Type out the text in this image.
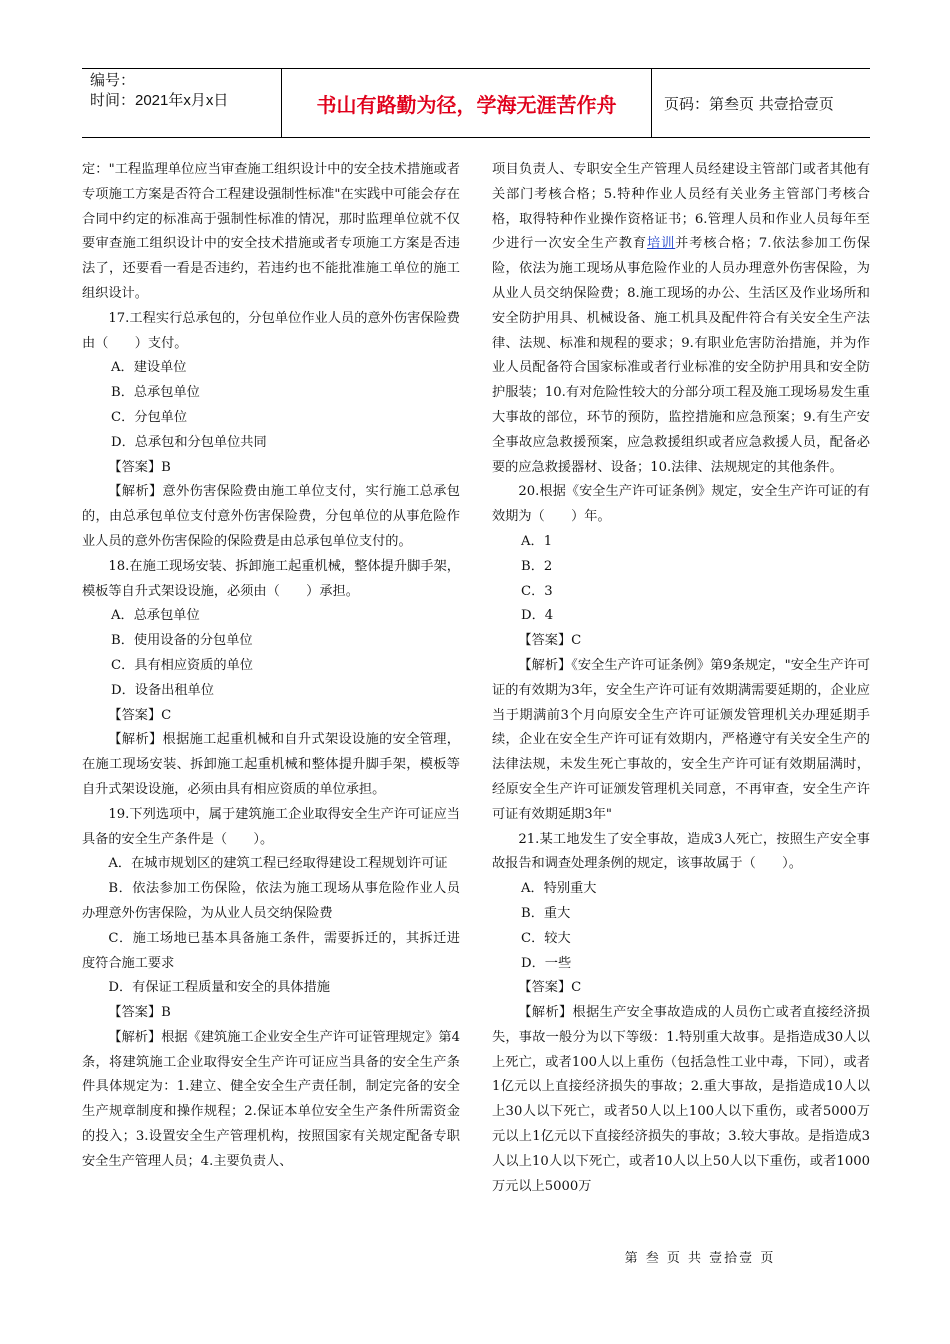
编号：
时间：2021年x月x日	书山有路勤为径，学海无涯苦作舟	页码：第叁页 共壹拾壹页

定："工程监理单位应当审查施工组织设计中的安全技术措施或者专项施工方案是否符合工程建设强制性标准"在实践中可能会存在合同中约定的标准高于强制性标准的情况，那时监理单位就不仅要审查施工组织设计中的安全技术措施或者专项施工方案是否违法了，还要看一看是否违约，若违约也不能批准施工单位的施工组织设计。

17.工程实行总承包的，分包单位作业人员的意外伤害保险费由（　　）支付。

A．建设单位

B．总承包单位

C．分包单位

D．总承包和分包单位共同

【答案】B

【解析】意外伤害保险费由施工单位支付，实行施工总承包的，由总承包单位支付意外伤害保险费，分包单位的从事危险作业人员的意外伤害保险的保险费是由总承包单位支付的。

18.在施工现场安装、拆卸施工起重机械，整体提升脚手架，模板等自升式架设设施，必须由（　　）承担。

A．总承包单位

B．使用设备的分包单位

C．具有相应资质的单位

D．设备出租单位

【答案】C

【解析】根据施工起重机械和自升式架设设施的安全管理，在施工现场安装、拆卸施工起重机械和整体提升脚手架，模板等自升式架设设施，必须由具有相应资质的单位承担。

19.下列选项中，属于建筑施工企业取得安全生产许可证应当具备的安全生产条件是（　　）。

A．在城市规划区的建筑工程已经取得建设工程规划许可证

B．依法参加工伤保险，依法为施工现场从事危险作业人员办理意外伤害保险，为从业人员交纳保险费

C．施工场地已基本具备施工条件，需要拆迁的，其拆迁进度符合施工要求

D．有保证工程质量和安全的具体措施

【答案】B

【解析】根据《建筑施工企业安全生产许可证管理规定》第4条，将建筑施工企业取得安全生产许可证应当具备的安全生产条件具体规定为：1.建立、健全安全生产责任制，制定完备的安全生产规章制度和操作规程；2.保证本单位安全生产条件所需资金的投入；3.设置安全生产管理机构，按照国家有关规定配备专职安全生产管理人员；4.主要负责人、

项目负责人、专职安全生产管理人员经建设主管部门或者其他有关部门考核合格；5.特种作业人员经有关业务主管部门考核合格，取得特种作业操作资格证书；6.管理人员和作业人员每年至少进行一次安全生产教育培训并考核合格；7.依法参加工伤保险，依法为施工现场从事危险作业的人员办理意外伤害保险，为从业人员交纳保险费；8.施工现场的办公、生活区及作业场所和安全防护用具、机械设备、施工机具及配件符合有关安全生产法律、法规、标准和规程的要求；9.有职业危害防治措施，并为作业人员配备符合国家标准或者行业标准的安全防护用具和安全防护服装；10.有对危险性较大的分部分项工程及施工现场易发生重大事故的部位，环节的预防，监控措施和应急预案；9.有生产安全事故应急救援预案，应急救援组织或者应急救援人员，配备必要的应急救援器材、设备；10.法律、法规规定的其他条件。

20.根据《安全生产许可证条例》规定，安全生产许可证的有效期为（　　）年。

A．1

B．2

C．3

D．4

【答案】C

【解析】《安全生产许可证条例》第9条规定，"安全生产许可证的有效期为3年，安全生产许可证有效期满需要延期的，企业应当于期满前3个月向原安全生产许可证颁发管理机关办理延期手续，企业在安全生产许可证有效期内，严格遵守有关安全生产的法律法规，未发生死亡事故的，安全生产许可证有效期届满时，经原安全生产许可证颁发管理机关同意，不再审查，安全生产许可证有效期延期3年"

21.某工地发生了安全事故，造成3人死亡，按照生产安全事故报告和调查处理条例的规定，该事故属于（　　）。

A．特别重大

B．重大

C．较大

D．一些

【答案】C

【解析】根据生产安全事故造成的人员伤亡或者直接经济损失，事故一般分为以下等级：1.特别重大故事。是指造成30人以上死亡，或者100人以上重伤（包括急性工业中毒，下同），或者1亿元以上直接经济损失的事故；2.重大事故，是指造成10人以上30人以下死亡，或者50人以上100人以下重伤，或者5000万元以上1亿元以下直接经济损失的事故；3.较大事故。是指造成3人以上10人以下死亡，或者10人以上50人以下重伤，或者1000万元以上5000万

第 叁 页 共 壹拾壹 页
